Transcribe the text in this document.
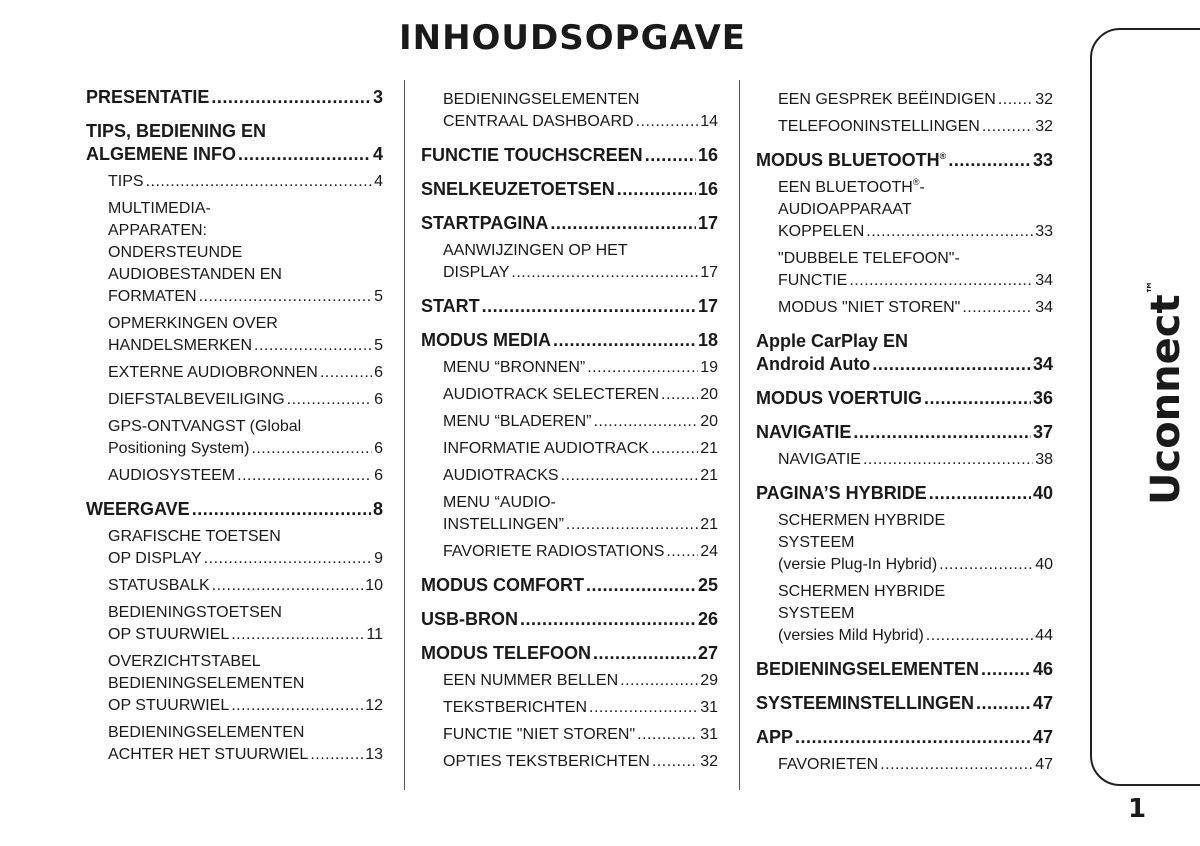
INHOUDSOPGAVE
PRESENTATIE .....	3
TIPS, BEDIENING EN
ALGEMENE INFO .....	4
TIPS .....	4
MULTIMEDIA-
APPARATEN:
ONDERSTEUNDE
AUDIOBESTANDEN EN
FORMATEN .....	5
OPMERKINGEN OVER
HANDELSMERKEN .....	5
EXTERNE AUDIOBRONNEN .....	6
DIEFSTALBEVEILIGING .....	6
GPS-ONTVANGST (Global
Positioning System) .....	6
AUDIOSYSTEEM .....	6
WEERGAVE .....	8
GRAFISCHE TOETSEN
OP DISPLAY .....	9
STATUSBALK .....	10
BEDIENINGSTOETSEN
OP STUURWIEL .....	11
OVERZICHTSTABEL
BEDIENINGSELEMENTEN
OP STUURWIEL .....	12
BEDIENINGSELEMENTEN
ACHTER HET STUURWIEL .....	13
BEDIENINGSELEMENTEN
CENTRAAL DASHBOARD .....	14
FUNCTIE TOUCHSCREEN .....	16
SNELKEUZETOETSEN .....	16
STARTPAGINA .....	17
AANWIJZINGEN OP HET
DISPLAY .....	17
START .....	17
MODUS MEDIA .....	18
MENU “BRONNEN” .....	19
AUDIOTRACK SELECTEREN .....	20
MENU “BLADEREN” .....	20
INFORMATIE AUDIOTRACK .....	21
AUDIOTRACKS .....	21
MENU “AUDIO-
INSTELLINGEN” .....	21
FAVORIETE RADIOSTATIONS ..... 24
MODUS COMFORT .....	25
USB-BRON .....	26
MODUS TELEFOON .....	27
EEN NUMMER BELLEN .....	29
TEKSTBERICHTEN .....	31
FUNCTIE "NIET STOREN" .....	31
OPTIES TEKSTBERICHTEN .....	32
EEN GESPREK BEËINDIGEN ..... 32
TELEFOONINSTELLINGEN .....	32
MODUS BLUETOOTH® .....	33
EEN BLUETOOTH®-
AUDIOAPPARAAT
KOPPELEN .....	33
"DUBBELE TELEFOON"-
FUNCTIE .....	34
MODUS "NIET STOREN" .....	34
Apple CarPlay EN
Android Auto .....	34
MODUS VOERTUIG .....	36
NAVIGATIE .....	37
NAVIGATIE .....	38
PAGINA’S HYBRIDE .....	40
SCHERMEN HYBRIDE
SYSTEEM
(versie Plug-In Hybrid) .....	40
SCHERMEN HYBRIDE
SYSTEEM
(versies Mild Hybrid) .....	44
BEDIENINGSELEMENTEN .....	46
SYSTEEMINSTELLINGEN .....	47
APP .....	47
FAVORIETEN .....	47
Uconnect™
1
